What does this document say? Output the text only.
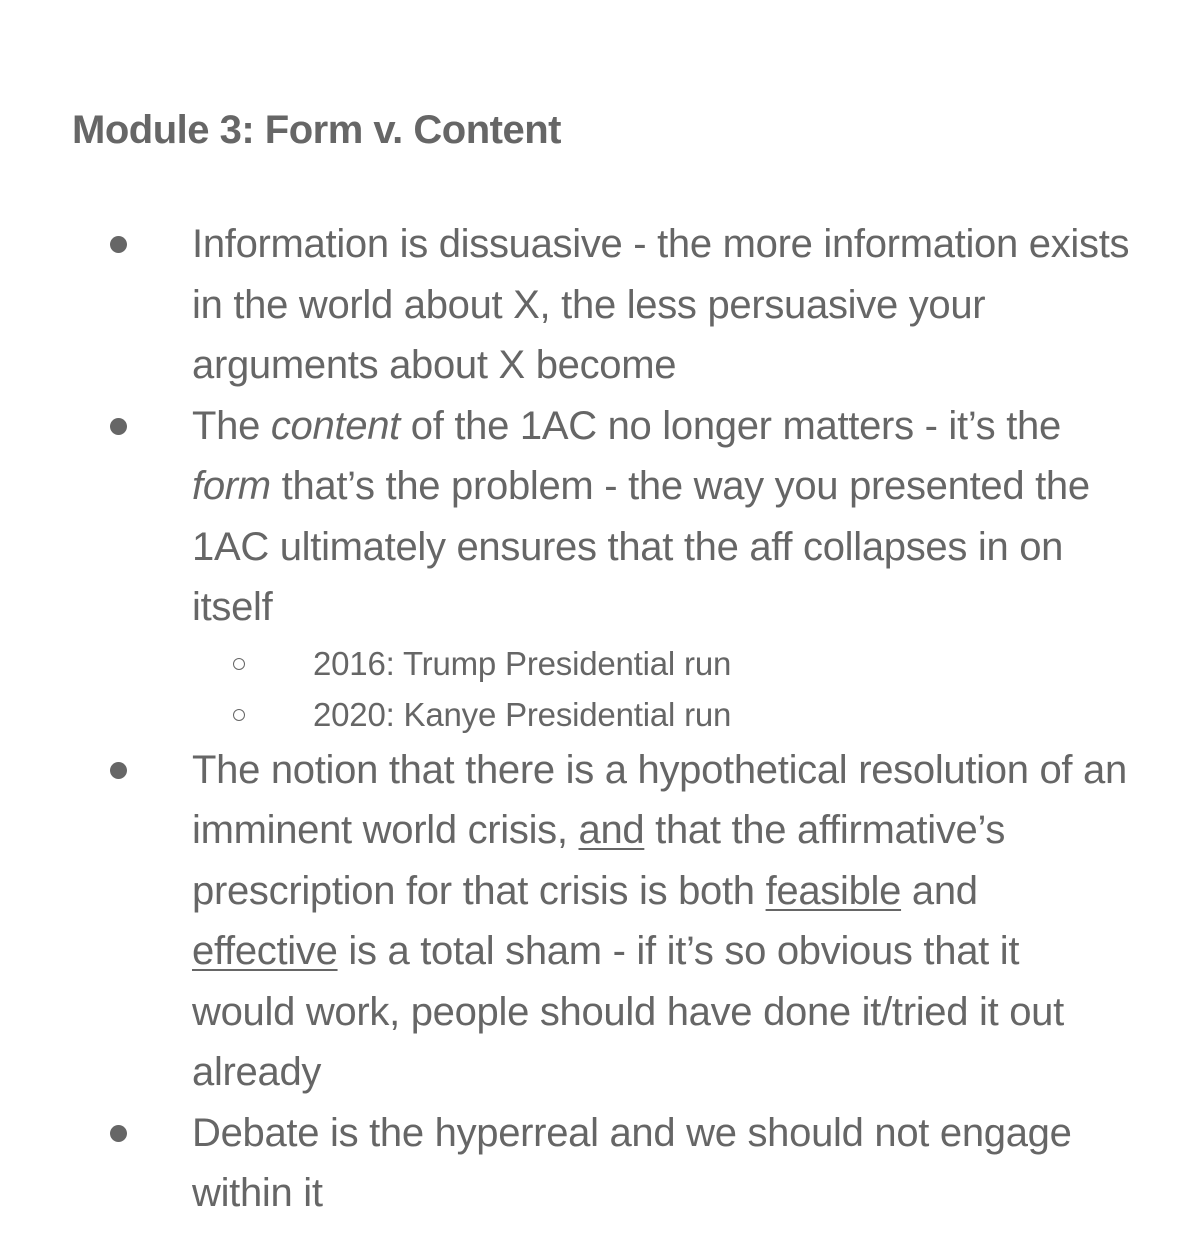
Module 3: Form v. Content
Information is dissuasive - the more information exists in the world about X, the less persuasive your arguments about X become
The content of the 1AC no longer matters - it’s the form that’s the problem - the way you presented the 1AC ultimately ensures that the aff collapses in on itself
2016: Trump Presidential run
2020: Kanye Presidential run
The notion that there is a hypothetical resolution of an imminent world crisis, and that the affirmative’s prescription for that crisis is both feasible and effective is a total sham - if it’s so obvious that it would work, people should have done it/tried it out already
Debate is the hyperreal and we should not engage within it
